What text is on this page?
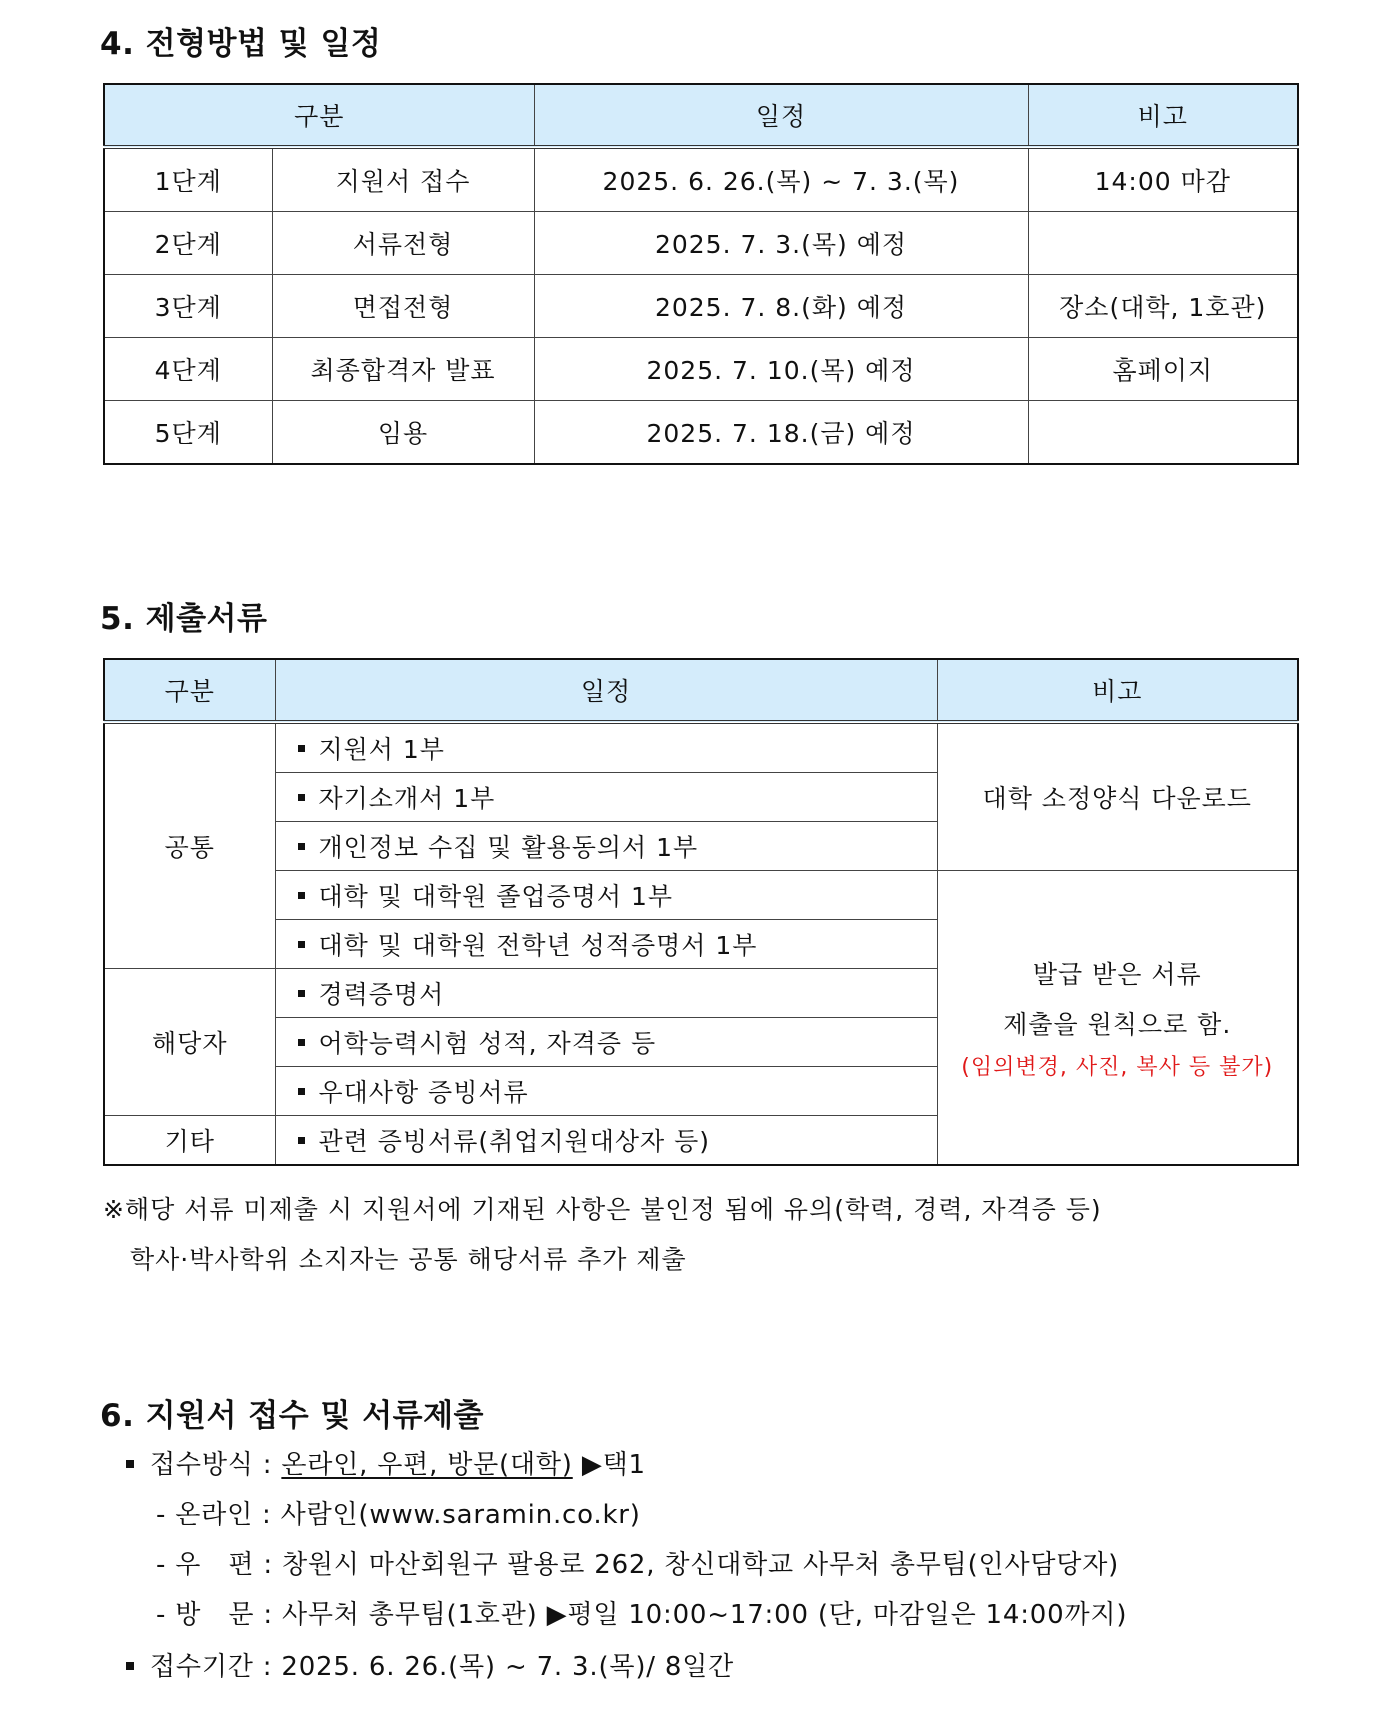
4. 전형방법 및 일정
구분		일정	비고
1단계	지원서 접수	2025. 6. 26.(목) ~ 7. 3.(목)	14:00 마감
2단계	서류전형	2025. 7. 3.(목) 예정	
3단계	면접전형	2025. 7. 8.(화) 예정	장소(대학, 1호관)
4단계	최종합격자 발표	2025. 7. 10.(목) 예정	홈페이지
5단계	임용	2025. 7. 18.(금) 예정	
5. 제출서류
구분	일정	비고
공통	지원서 1부	대학 소정양식 다운로드
	자기소개서 1부	
	개인정보 수집 및 활용동의서 1부	
	대학 및 대학원 졸업증명서 1부	발급 받은 서류
제출을 원칙으로 함.
(임의변경, 사진, 복사 등 불가)

	대학 및 대학원 전학년 성적증명서 1부	
해당자	경력증명서	
	어학능력시험 성적, 자격증 등	
	우대사항 증빙서류	
기타	관련 증빙서류(취업지원대상자 등)	
※해당 서류 미제출 시 지원서에 기재된 사항은 불인정 됨에 유의(학력, 경력, 자격증 등)
학사·박사학위 소지자는 공통 해당서류 추가 제출
6. 지원서 접수 및 서류제출
접수방식 : 온라인, 우편, 방문(대학) ▶택1
- 온라인 : 사람인(www.saramin.co.kr)
- 우   편 : 창원시 마산회원구 팔용로 262, 창신대학교 사무처 총무팀(인사담당자)
- 방   문 : 사무처 총무팀(1호관) ▶평일 10:00~17:00 (단, 마감일은 14:00까지)
접수기간 : 2025. 6. 26.(목) ~ 7. 3.(목)/ 8일간
